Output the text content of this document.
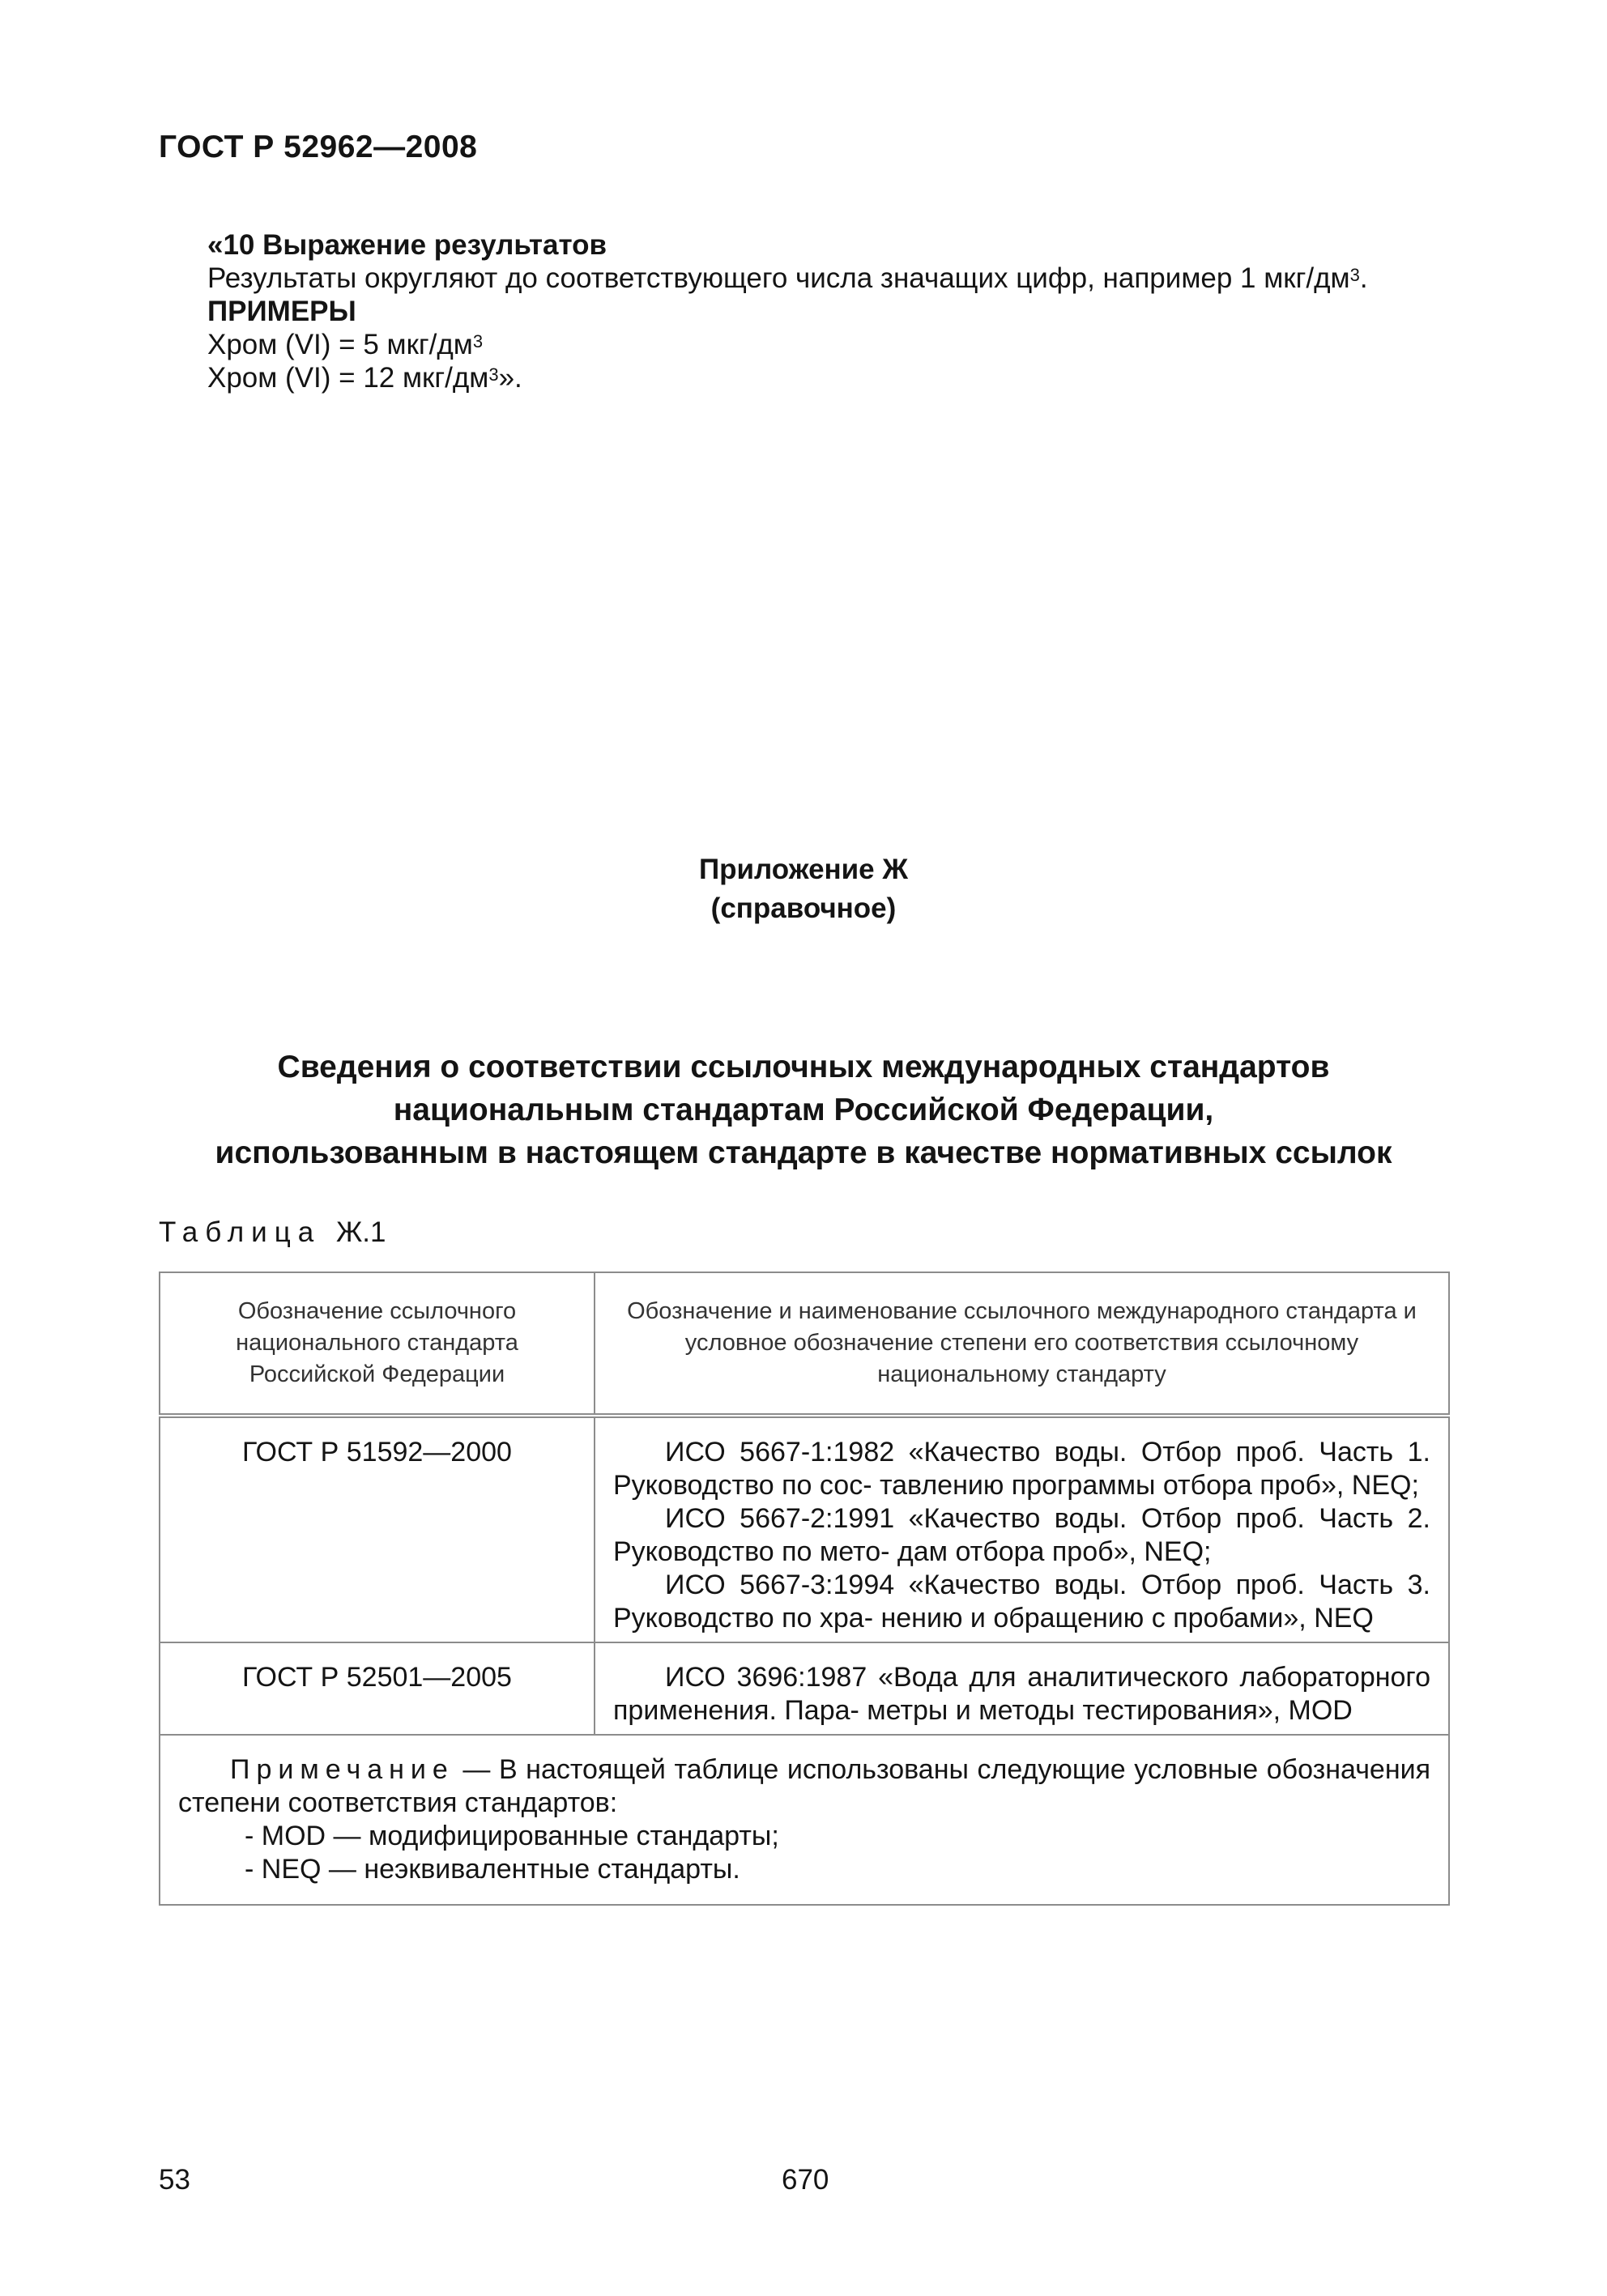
ГОСТ Р 52962—2008
«10 Выражение результатов
Результаты округляют до соответствующего числа значащих цифр, например 1 мкг/$дм^3$.
ПРИМЕРЫ
Хром (VI) = 5 мкг/$дм^3$
Хром (VI) = 12 мкг/$дм^3$».
Приложение Ж
(справочное)
Сведения о соответствии ссылочных международных стандартов
национальным стандартам Российской Федерации,
использованным в настоящем стандарте в качестве нормативных ссылок
Таблица Ж.1
Обозначение ссылочного национального стандарта Российской Федерации	Обозначение и наименование ссылочного международного стандарта и условное обозначение степени его соответствия ссылочному национальному стандарту
ГОСТ Р 51592—2000	ИСО 5667-1:1982 «Качество воды. Отбор проб. Часть 1. Руководство по сос- тавлению программы отбора проб», NEQ;

ИСО 5667-2:1991 «Качество воды. Отбор проб. Часть 2. Руководство по мето- дам отбора проб», NEQ;

ИСО 5667-3:1994 «Качество воды. Отбор проб. Часть 3. Руководство по хра- нению и обращению с пробами», NEQ

ГОСТ Р 52501—2005	ИСО 3696:1987 «Вода для аналитического лабораторного применения. Пара- метры и методы тестирования», MOD

Примечание — В настоящей таблице использованы следующие условные обозначения степени соответствия стандартов:

- MOD — модифицированные стандарты;

- NEQ — неэквивалентные стандарты.	

53	670
